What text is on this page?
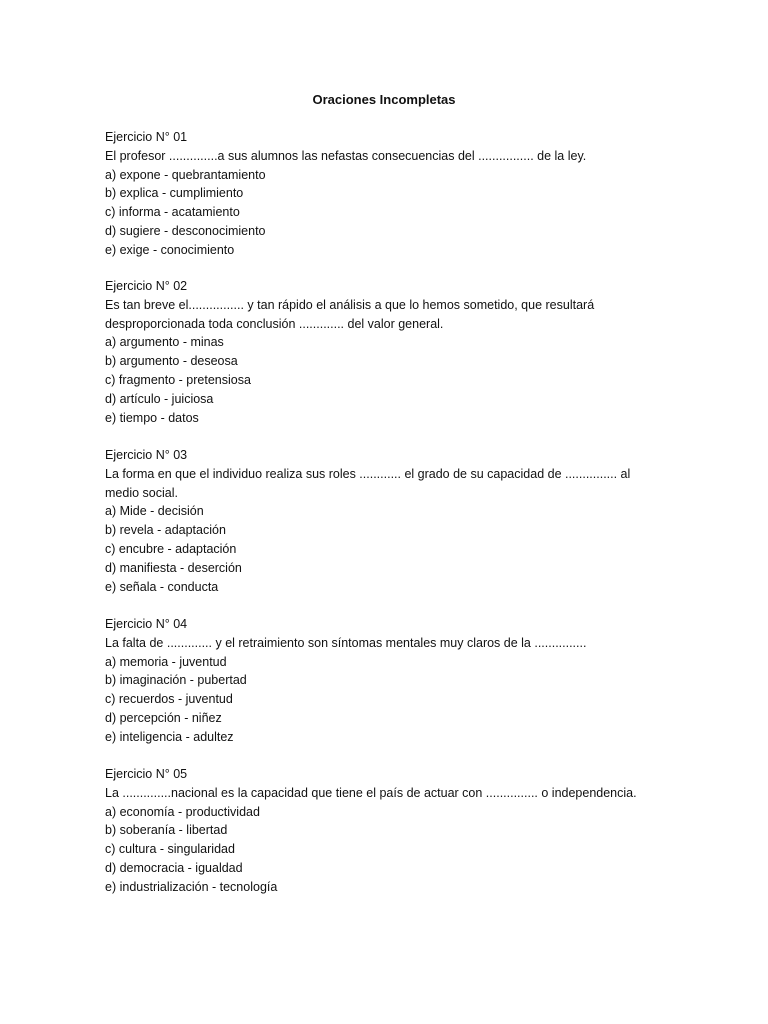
Oraciones Incompletas
Ejercicio N° 01
El profesor ..............a sus alumnos las nefastas consecuencias del ................ de la ley.
a) expone - quebrantamiento
b) explica - cumplimiento
c) informa - acatamiento
d) sugiere - desconocimiento
e) exige - conocimiento
Ejercicio N° 02
Es tan breve el................ y tan rápido el análisis a que lo hemos sometido, que resultará desproporcionada toda conclusión ............. del valor general.
a) argumento - minas
b) argumento - deseosa
c) fragmento - pretensiosa
d) artículo - juiciosa
e) tiempo - datos
Ejercicio N° 03
La forma en que el individuo realiza sus roles ............ el grado de su capacidad de ............... al medio social.
a) Mide - decisión
b) revela - adaptación
c) encubre - adaptación
d) manifiesta - deserción
e) señala - conducta
Ejercicio N° 04
La falta de ............. y el retraimiento son síntomas mentales muy claros de la ...............
a) memoria - juventud
b) imaginación - pubertad
c) recuerdos - juventud
d) percepción - niñez
e) inteligencia - adultez
Ejercicio N° 05
La ..............nacional es la capacidad que tiene el país de actuar con ............... o independencia.
a) economía - productividad
b) soberanía - libertad
c) cultura - singularidad
d) democracia - igualdad
e) industrialización - tecnología
